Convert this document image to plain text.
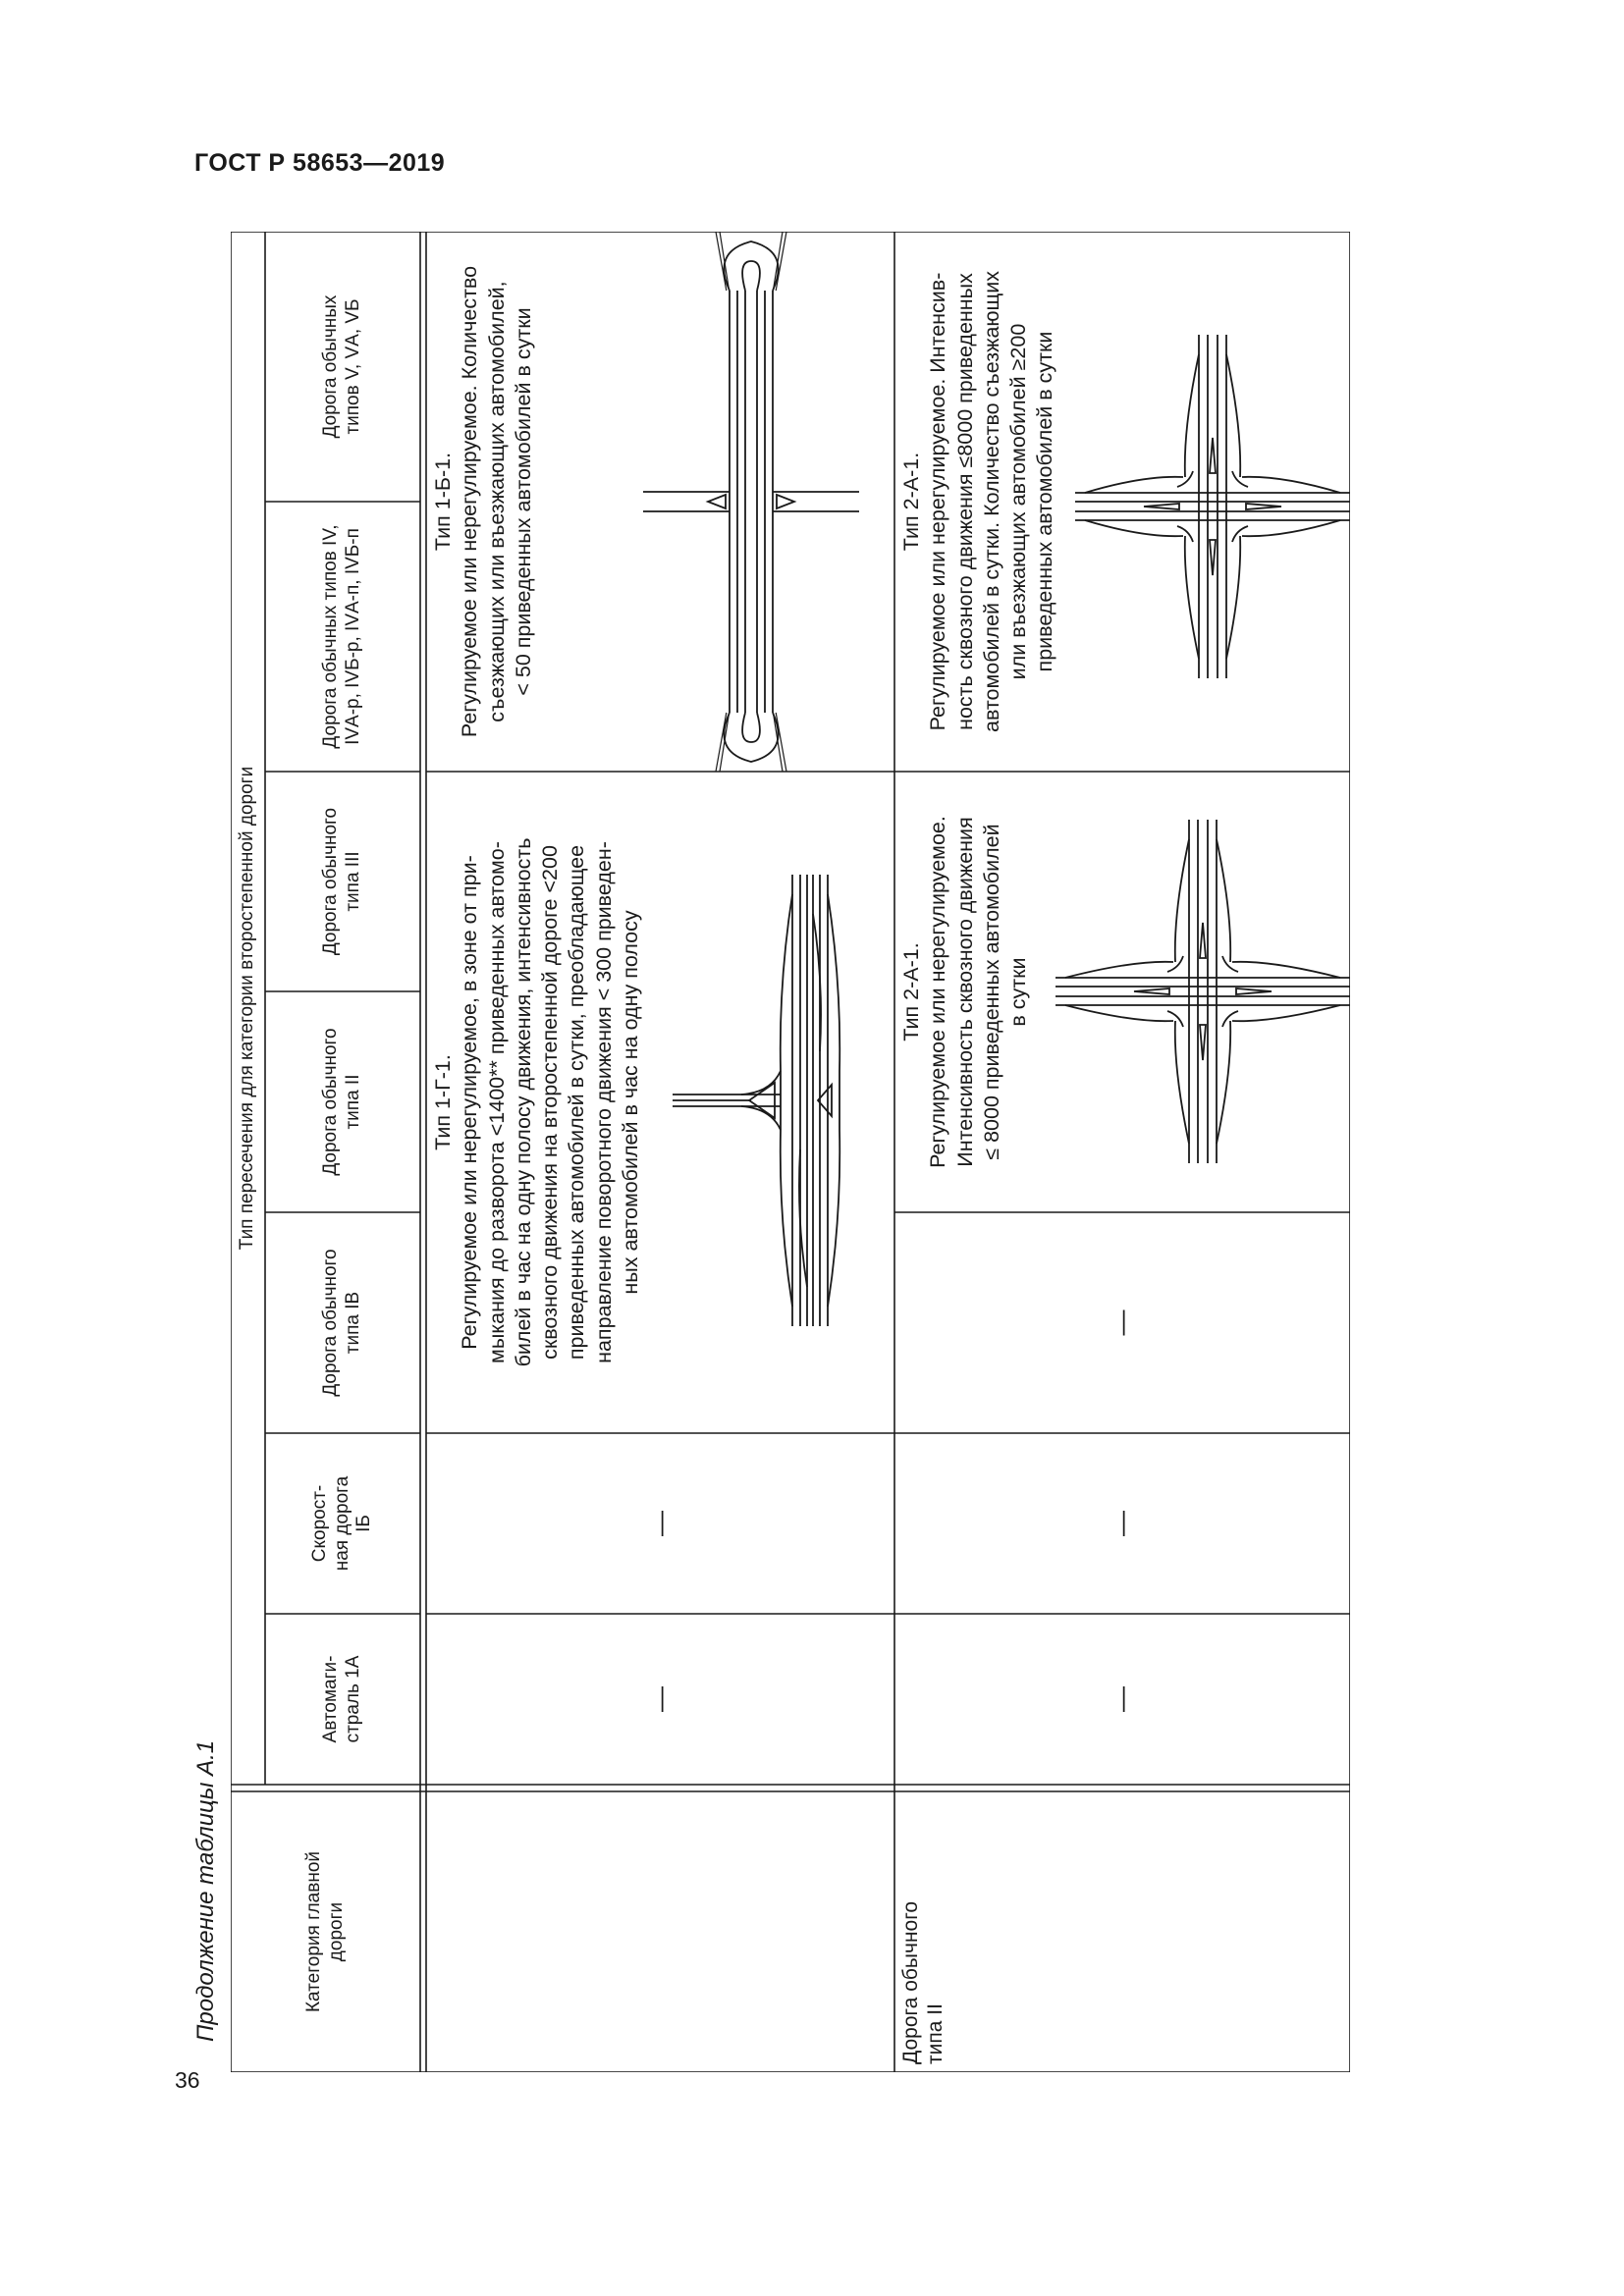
ГОСТ Р 58653—2019
36
Продолжение таблицы А.1	Категория главной
дороги
Тип пересечения для категории второстепенной дороги
Автомаги-
страль 1А
Скорост-
ная дорога
IБ
Дорога обычного
типа IВ
Дорога обычного
типа II
Дорога обычного
типа III
Дорога обычных типов IV,
IVА-р, IVБ-р, IVА-п, IVБ-п
Дорога обычных
типов V, VА, VБ
—
—
Тип 1-Г-1.
Регулируемое или нерегулируемое, в зоне от при-
мыкания до разворота <1400** приведенных автомо-
билей в час на одну полосу движения, интенсивность
сквозного движения на второстепенной дороге <200
приведенных автомобилей в сутки, преобладающее
направление поворотного движения < 300 приведен-
ных автомобилей в час на одну полосу
Тип 1-Б-1.
Регулируемое или нерегулируемое. Количество
съезжающих или въезжающих автомобилей,
< 50 приведенных автомобилей в сутки
Дорога обычного
типа II
—
—
—
Тип 2-А-1.
Регулируемое или нерегулируемое.
Интенсивность сквозного движения
≤ 8000 приведенных автомобилей
в сутки
Тип 2-А-1.
Регулируемое или нерегулируемое. Интенсив-
ность сквозного движения ≤8000 приведенных
автомобилей в сутки. Количество съезжающих
или въезжающих автомобилей ≥200
приведенных автомобилей в сутки
